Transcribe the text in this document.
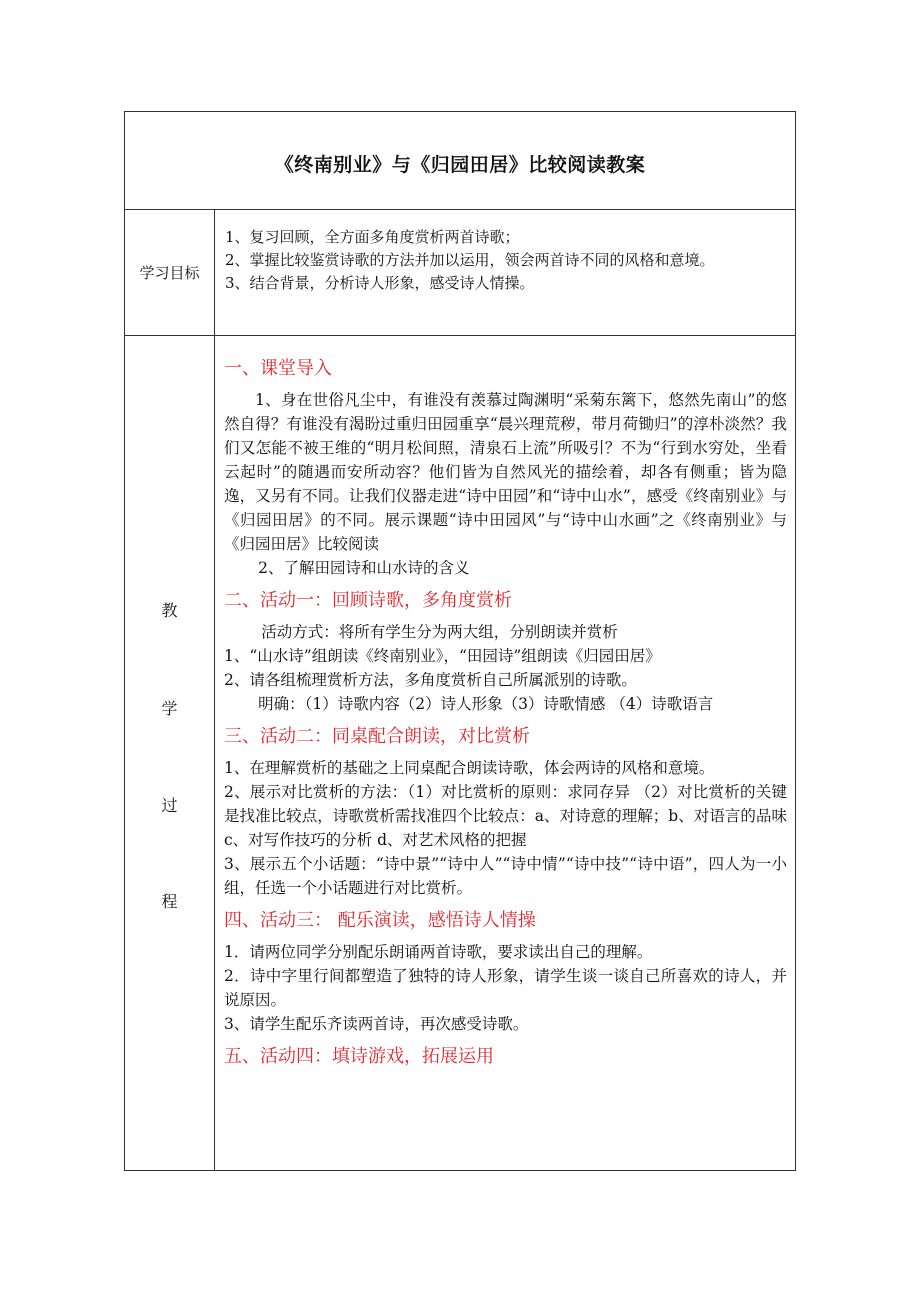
《终南别业》与《归园田居》比较阅读教案
学习目标

1、复习回顾，全方面多角度赏析两首诗歌；

2、掌握比较鉴赏诗歌的方法并加以运用，领会两首诗不同的风格和意境。

3、结合背景，分析诗人形象，感受诗人情操。

教
学
过
程
一、课堂导入

1、身在世俗凡尘中，有谁没有羡慕过陶渊明“采菊东篱下，悠然先南山”的悠然自得？有谁没有渴盼过重归田园重享“晨兴理荒秽，带月荷锄归”的淳朴淡然？我们又怎能不被王维的“明月松间照，清泉石上流”所吸引？不为“行到水穷处，坐看云起时”的随遇而安所动容？他们皆为自然风光的描绘着，却各有侧重；皆为隐逸，又另有不同。让我们仪器走进“诗中田园”和“诗中山水”，感受《终南别业》与《归园田居》的不同。展示课题“诗中田园风”与“诗中山水画”之《终南别业》与《归园田居》比较阅读

2、了解田园诗和山水诗的含义

二、活动一：回顾诗歌，多角度赏析

活动方式：将所有学生分为两大组，分别朗读并赏析

1、“山水诗”组朗读《终南别业》，“田园诗”组朗读《归园田居》

2、请各组梳理赏析方法，多角度赏析自己所属派别的诗歌。

明确：（1）诗歌内容（2）诗人形象（3）诗歌情感 （4）诗歌语言

三、活动二：同桌配合朗读，对比赏析

1、在理解赏析的基础之上同桌配合朗读诗歌，体会两诗的风格和意境。

2、展示对比赏析的方法：（1）对比赏析的原则：求同存异 （2）对比赏析的关键是找准比较点，诗歌赏析需找准四个比较点：a、对诗意的理解；b、对语言的品味 c、对写作技巧的分析 d、对艺术风格的把握

3、展示五个小话题：“诗中景”“诗中人”“诗中情”“诗中技”“诗中语”，四人为一小组，任选一个小话题进行对比赏析。

四、活动三： 配乐演读，感悟诗人情操

1．请两位同学分别配乐朗诵两首诗歌，要求读出自己的理解。

2．诗中字里行间都塑造了独特的诗人形象，请学生谈一谈自己所喜欢的诗人，并说原因。

3、请学生配乐齐读两首诗，再次感受诗歌。

五、活动四：填诗游戏，拓展运用
